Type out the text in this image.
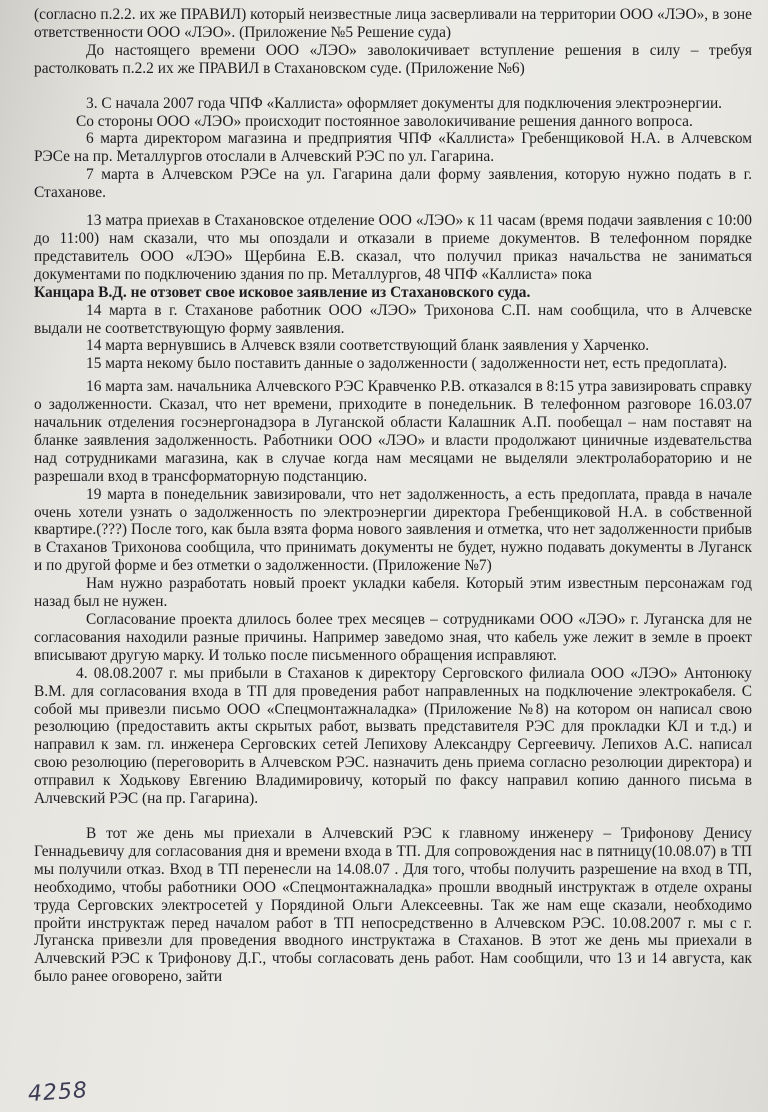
(согласно п.2.2. их же ПРАВИЛ) который неизвестные лица засверливали на территории ООО «ЛЭО», в зоне ответственности ООО «ЛЭО». (Приложение №5 Решение суда)

До настоящего времени ООО «ЛЭО» заволокичивает вступление решения в силу – требуя растолковать п.2.2 их же ПРАВИЛ в Стахановском суде. (Приложение №6)

3. С начала 2007 года ЧПФ «Каллиста» оформляет документы для подключения электроэнергии.

Со стороны ООО «ЛЭО» происходит постоянное заволокичивание решения данного вопроса.

6 марта директором магазина и предприятия ЧПФ «Каллиста» Гребенщиковой Н.А. в Алчевском РЭСе на пр. Металлургов отослали в Алчевский РЭС по ул. Гагарина.

7 марта в Алчевском РЭСе на ул. Гагарина дали форму заявления, которую нужно подать в г. Стаханове.

13 матра приехав в Стахановское отделение ООО «ЛЭО» к 11 часам (время подачи заявления с 10:00 до 11:00) нам сказали, что мы опоздали и отказали в приеме документов. В телефонном порядке представитель ООО «ЛЭО» Щербина Е.В. сказал, что получил приказ начальства не заниматься документами по подключению здания по пр. Металлургов, 48 ЧПФ «Каллиста» пока

Канцара В.Д. не отзовет свое исковое заявление из Стахановского суда.

14 марта в г. Стаханове работник ООО «ЛЭО» Трихонова С.П. нам сообщила, что в Алчевске выдали не соответствующую форму заявления.

14 марта вернувшись в Алчевск взяли соответствующий бланк заявления у Харченко.

15 марта некому было поставить данные о задолженности ( задолженности нет, есть предоплата).

16 марта зам. начальника Алчевского РЭС Кравченко Р.В. отказался в 8:15 утра завизировать справку о задолженности. Сказал, что нет времени, приходите в понедельник. В телефонном разговоре 16.03.07 начальник отделения госэнергонадзора в Луганской области Калашник А.П. пообещал – нам поставят на бланке заявления задолженность. Работники ООО «ЛЭО» и власти продолжают циничные издевательства над сотрудниками магазина, как в случае когда нам месяцами не выделяли электролабораторию и не разрешали вход в трансформаторную подстанцию.

19 марта в понедельник завизировали, что нет задолженность, а есть предоплата, правда в начале очень хотели узнать о задолженность по электроэнергии директора Гребенщиковой Н.А. в собственной квартире.(???) После того, как была взята форма нового заявления и отметка, что нет задолженности прибыв в Стаханов Трихонова сообщила, что принимать документы не будет, нужно подавать документы в Луганск и по другой форме и без отметки о задолженности. (Приложение №7)

Нам нужно разработать новый проект укладки кабеля. Который этим известным персонажам год назад был не нужен.

Согласование проекта длилось более трех месяцев – сотрудниками ООО «ЛЭО» г. Луганска для не согласования находили разные причины. Например заведомо зная, что кабель уже лежит в земле в проект вписывают другую марку. И только после письменного обращения исправляют.

4. 08.08.2007 г. мы прибыли в Стаханов к директору Серговского филиала ООО «ЛЭО» Антонюку В.М. для согласования входа в ТП для проведения работ направленных на подключение электрокабеля. С собой мы привезли письмо ООО «Спецмонтажналадка» (Приложение №8) на котором он написал свою резолюцию (предоставить акты скрытых работ, вызвать представителя РЭС для прокладки КЛ и т.д.) и направил к зам. гл. инженера Серговских сетей Лепихову Александру Сергеевичу. Лепихов А.С. написал свою резолюцию (переговорить в Алчевском РЭС. назначить день приема согласно резолюции директора) и отправил к Ходькову Евгению Владимировичу, который по факсу направил копию данного письма в Алчевский РЭС (на пр. Гагарина).

В тот же день мы приехали в Алчевский РЭС к главному инженеру – Трифонову Денису Геннадьевичу для согласования дня и времени входа в ТП. Для сопровождения нас в пятницу(10.08.07) в ТП мы получили отказ. Вход в ТП перенесли на 14.08.07 . Для того, чтобы получить разрешение на вход в ТП, необходимо, чтобы работники ООО «Спецмонтажналадка» прошли вводный инструктаж в отделе охраны труда Серговских электросетей у Порядиной Ольги Алексеевны. Так же нам еще сказали, необходимо пройти инструктаж перед началом работ в ТП непосредственно в Алчевском РЭС. 10.08.2007 г. мы с г. Луганска привезли для проведения вводного инструктажа в Стаханов. В этот же день мы приехали в Алчевский РЭС к Трифонову Д.Г., чтобы согласовать день работ. Нам сообщили, что 13 и 14 августа, как было ранее оговорено, зайти

4258
